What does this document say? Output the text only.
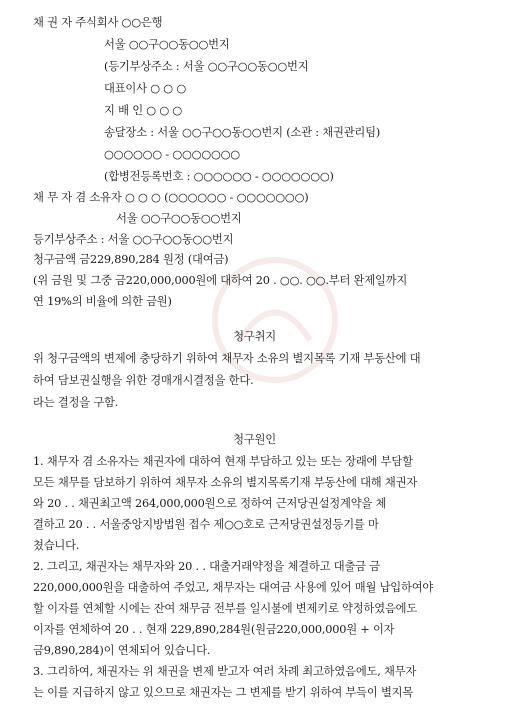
채 권 자 주식회사 ○○은행
서울 ○○구○○동○○번지
(등기부상주소 : 서울 ○○구○○동○○번지
대표이사 ○ ○ ○
지 배 인 ○ ○ ○
송달장소 : 서울 ○○구○○동○○번지 (소관 : 채권관리팀)
○○○○○○ - ○○○○○○○
(합병전등록번호 : ○○○○○○ - ○○○○○○○)
채 무 자 겸 소유자 ○ ○ ○ (○○○○○○ - ○○○○○○○)
서울 ○○구○○동○○번지
등기부상주소 : 서울 ○○구○○동○○번지
청구금액 금229,890,284 원정 (대여금)
(위 금원 및 그중 금220,000,000원에 대하여 20 . ○○. ○○.부터 완제일까지
연 19%의 비율에 의한 금원)
청구취지
위 청구금액의 변제에 충당하기 위하여 채무자 소유의 별지목록 기재 부동산에 대
하여 담보권실행을 위한 경매개시결정을 한다.
라는 결정을 구함.
청구원인
1. 채무자 겸 소유자는 채권자에 대하여 현재 부담하고 있는 또는 장래에 부담할
모든 채무를 담보하기 위하여 채무자 소유의 별지목록기재 부동산에 대해 채권자
와 20 . . 채권최고액 264,000,000원으로 정하여 근저당권설정계약을 체
결하고 20 . . 서울중앙지방법원 접수 제○○호로 근저당권설정등기를 마
쳤습니다.
2. 그리고, 채권자는 채무자와 20 . . 대출거래약정을 체결하고 대출금 금
220,000,000원을 대출하여 주었고, 채무자는 대여금 사용에 있어 매월 납입하여야
할 이자를 연체할 시에는 잔여 채무금 전부를 일시불에 변제키로 약정하였음에도
이자를 연체하여 20 . . 현재 229,890,284원(원금220,000,000원 + 이자
금9,890,284)이 연체되어 있습니다.
3. 그리하여, 채권자는 위 채권을 변제 받고자 여러 차례 최고하였음에도, 채무자
는 이를 지급하지 않고 있으므로 채권자는 그 변제를 받기 위하여 부득이 별지목
